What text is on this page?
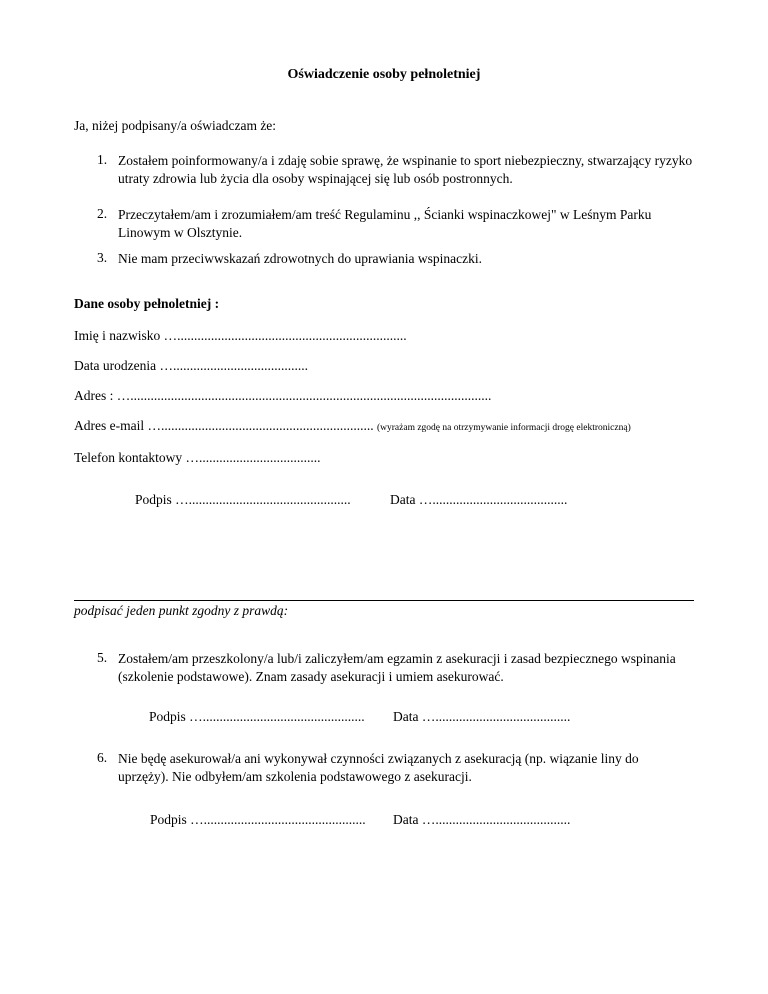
Oświadczenie osoby pełnoletniej
Ja, niżej podpisany/a oświadczam że:
1. Zostałem poinformowany/a i zdaję sobie sprawę, że wspinanie to sport niebezpieczny, stwarzający ryzyko utraty zdrowia lub życia dla osoby wspinającej się lub osób postronnych.
2. Przeczytałem/am i zrozumiałem/am treść Regulaminu ,, Ścianki wspinaczkowej" w Leśnym Parku Linowym w Olsztynie.
3. Nie mam przeciwwskazań zdrowotnych do uprawiania wspinaczki.
Dane osoby pełnoletniej :
Imię i nazwisko …....................................................................
Data urodzenia …........................................
Adres : …...........................................................................................................
Adres e-mail …............................................................... (wyrażam zgodę na otrzymywanie informacji drogę elektroniczną)
Telefon kontaktowy …....................................
Podpis …................................................	Data …........................................
podpisać jeden punkt zgodny z prawdą:
5. Zostałem/am przeszkolony/a lub/i zaliczyłem/am egzamin z asekuracji i zasad bezpiecznego wspinania (szkolenie podstawowe). Znam zasady asekuracji i umiem asekurować.
Podpis …................................................ Data …........................................
6. Nie będę asekurował/a ani wykonywał czynności związanych z asekuracją (np. wiązanie liny do uprzęży). Nie odbyłem/am szkolenia podstawowego z asekuracji.
Podpis …................................................ Data …........................................
